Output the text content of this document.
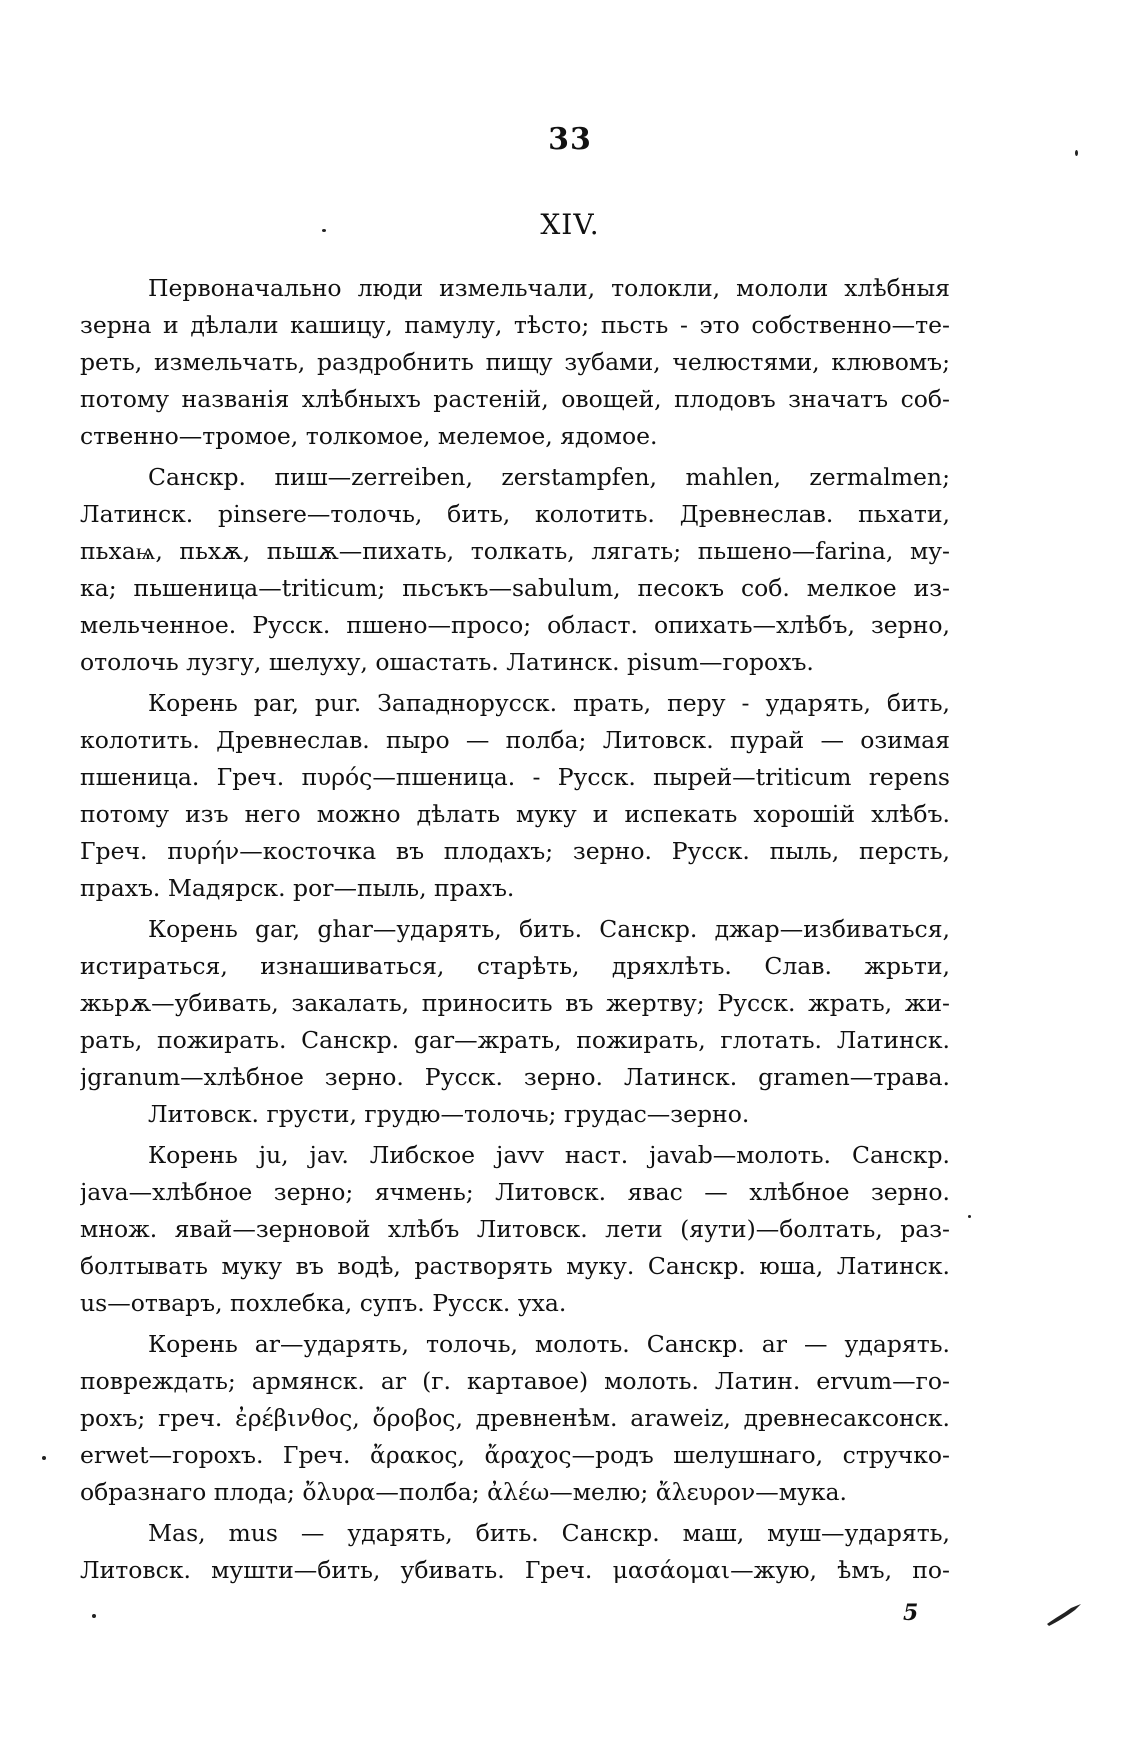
33
XIV.
Первоначально люди измельчали, толокли, мололи хлѣбныя
зерна и дѣлали кашицу, памулу, тѣсто; пьсть - это собственно—те-
реть, измельчать, раздробнить пищу зубами, челюстями, клювомъ;
потому названія хлѣбныхъ растеній, овощей, плодовъ значатъ соб-
ственно—тромое, толкомое, мелемое, ядомое.
Санскр. пиш—zerreiben, zerstampfen, mahlen, zermalmen;
Латинск. pinsere—толочь, бить, колотить. Древнеслав. пьхати,
пьхаѩ, пьхѫ, пьшѫ—пихать, толкать, лягать; пьшено—farina, му-
ка; пьшеница—triticum; пьсъкъ—sabulum, песокъ соб. мелкое из-
мельченное. Русск. пшено—просо; област. опихать—хлѣбъ, зерно,
отолочь лузгу, шелуху, ошастать. Латинск. pisum—горохъ.
Корень par, pur. Западнорусск. прать, перу - ударять, бить,
колотить. Древнеслав. пыро — полба; Литовск. пурай — озимая
пшеница. Греч. πυρός—пшеница. - Русск. пырей—triticum repens
потому изъ него можно дѣлать муку и испекать хорошій хлѣбъ.
Греч. πυρήν—косточка въ плодахъ; зерно. Русск. пыль, персть,
прахъ. Мадярск. por—пыль, прахъ.
Корень gar, ghar—ударять, бить. Санскр. джар—избиваться,
истираться, изнашиваться, старѣть, дряхлѣть. Слав. жрьти,
жьрѫ—убивать, закалать, приносить въ жертву; Русск. жрать, жи-
рать, пожирать. Санскр. gar—жрать, пожирать, глотать. Латинск.
jgranum—хлѣбное зерно. Русск. зерно. Латинск. gramen—трава.
Литовск. грусти, грудю—толочь; грудас—зерно.
Корень ju, jav. Либское javv наст. javab—молоть. Санскр.
java—хлѣбное зерно; ячмень; Литовск. явас — хлѣбное зерно.
множ. явай—зерновой хлѣбъ Литовск. лети (яути)—болтать, раз-
болтывать муку въ водѣ, растворять муку. Санскр. юша, Латинск.
us—отваръ, похлебка, супъ. Русск. уха.
Корень ar—ударять, толочь, молоть. Санскр. ar — ударять.
повреждать; армянск. ar (г. картавое) молоть. Латин. ervum—го-
рохъ; греч. ἐρέβινθος, ὄροβος, древненѣм. araweiz, древнесаксонск.
erwet—горохъ. Греч. ἄρακος, ἄραχος—родъ шелушнаго, стручко-
образнаго плода; ὄλυρα—полба; ἀλέω—мелю; ἄλευρον—мука.
Mas, mus — ударять, бить. Санскр. маш, муш—ударять,
Литовск. мушти—бить, убивать. Греч. μασάομαι—жую, ѣмъ, по-
5
